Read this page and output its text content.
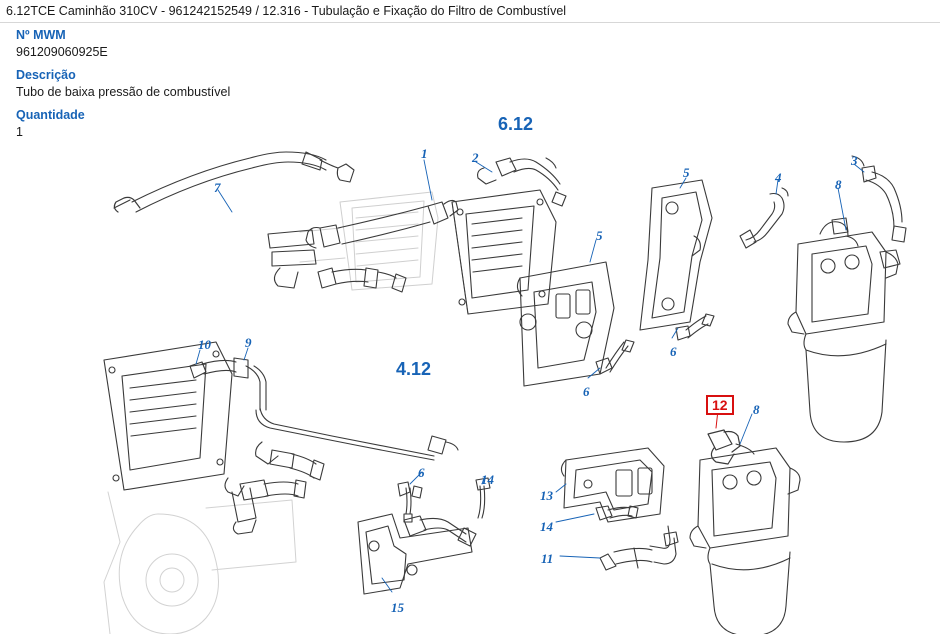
6.12TCE Caminhão 310CV - 961242152549 / 12.316 - Tubulação e Fixação do Filtro de Combustível
Nº MWM
961209060925E
Descrição
Tubo de baixa pressão de combustível
Quantidade
1	6.12
4.12
1	2	3
4
5
5
6
6
6
7	8
8
9
10
11
13
14
14
15
12
